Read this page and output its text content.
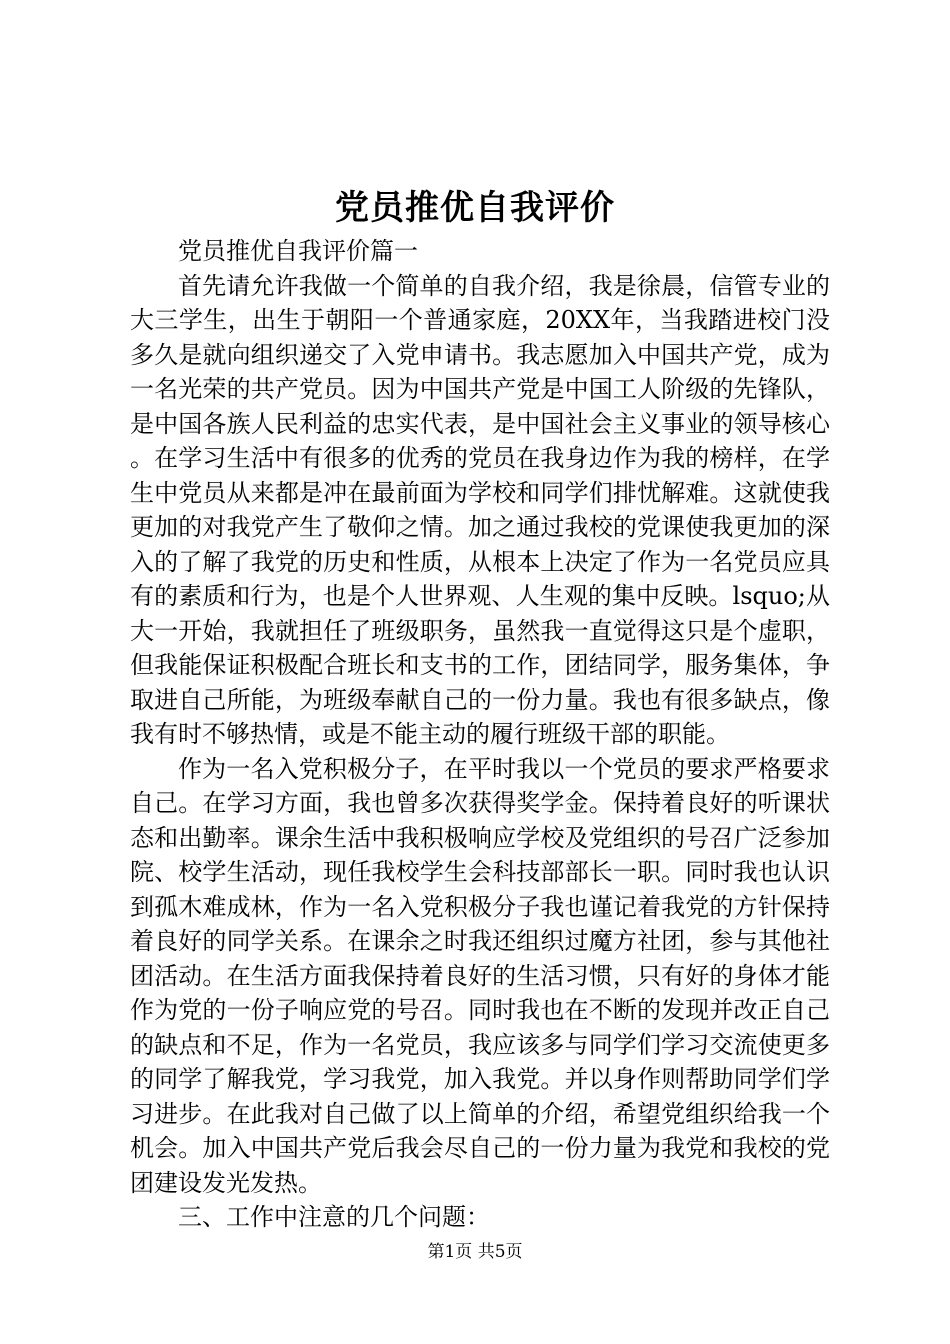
党员推优自我评价

党员推优自我评价篇一

首先请允许我做一个简单的自我介绍，我是徐晨，信管专业的大三学生，出生于朝阳一个普通家庭，20XX年，当我踏进校门没多久是就向组织递交了入党申请书。我志愿加入中国共产党，成为一名光荣的共产党员。因为中国共产党是中国工人阶级的先锋队，是中国各族人民利益的忠实代表，是中国社会主义事业的领导核心。在学习生活中有很多的优秀的党员在我身边作为我的榜样，在学生中党员从来都是冲在最前面为学校和同学们排忧解难。这就使我更加的对我党产生了敬仰之情。加之通过我校的党课使我更加的深入的了解了我党的历史和性质，从根本上决定了作为一名党员应具有的素质和行为，也是个人世界观、人生观的集中反映。lsquo;从大一开始，我就担任了班级职务，虽然我一直觉得这只是个虚职，但我能保证积极配合班长和支书的工作，团结同学，服务集体，争取进自己所能，为班级奉献自己的一份力量。我也有很多缺点，像我有时不够热情，或是不能主动的履行班级干部的职能。

作为一名入党积极分子，在平时我以一个党员的要求严格要求自己。在学习方面，我也曾多次获得奖学金。保持着良好的听课状态和出勤率。课余生活中我积极响应学校及党组织的号召广泛参加院、校学生活动，现任我校学生会科技部部长一职。同时我也认识到孤木难成林，作为一名入党积极分子我也谨记着我党的方针保持着良好的同学关系。在课余之时我还组织过魔方社团，参与其他社团活动。在生活方面我保持着良好的生活习惯，只有好的身体才能作为党的一份子响应党的号召。同时我也在不断的发现并改正自己的缺点和不足，作为一名党员，我应该多与同学们学习交流使更多的同学了解我党，学习我党，加入我党。并以身作则帮助同学们学习进步。在此我对自己做了以上简单的介绍，希望党组织给我一个机会。加入中国共产党后我会尽自己的一份力量为我党和我校的党团建设发光发热。

三、工作中注意的几个问题：

第1页 共5页
